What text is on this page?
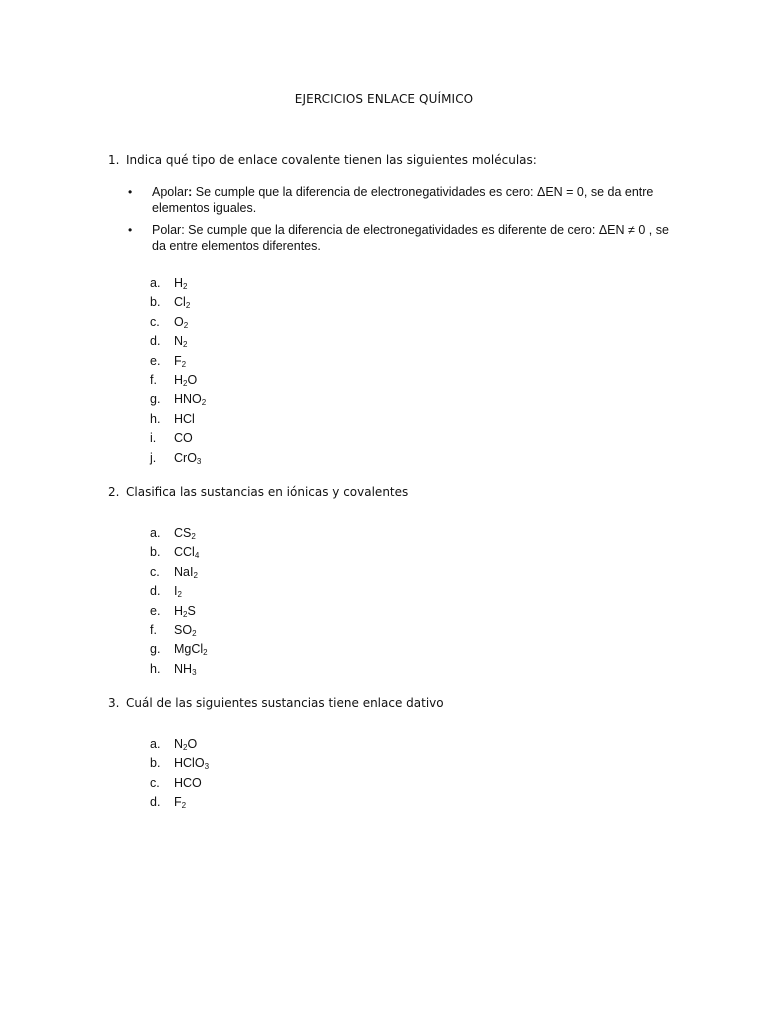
EJERCICIOS ENLACE QUÍMICO
1. Indica qué tipo de enlace covalente tienen las siguientes moléculas:
• Apolar: Se cumple que la diferencia de electronegatividades es cero: ΔEN = 0, se da entre elementos iguales.
• Polar: Se cumple que la diferencia de electronegatividades es diferente de cero: ΔEN ≠ 0 , se da entre elementos diferentes.
a. $H_2$
b. $Cl_2$
c. $O_2$
d. $N_2$
e. $F_2$
f. $H_2O$
g. $HNO_2$
h. HCl
i. CO
j. CrO$_3$
2. Clasifica las sustancias en iónicas y covalentes
a. $CS_2$
b. CCl$_4$
c. NaI$_2$
d. $I_2$
e. $H_2S$
f. $SO_2$
g. MgCl$_2$
h. $NH_3$
3. Cuál de las siguientes sustancias tiene enlace dativo
a. $N_2O$
b. HClO$_3$
c. HCO
d. $F_2$
